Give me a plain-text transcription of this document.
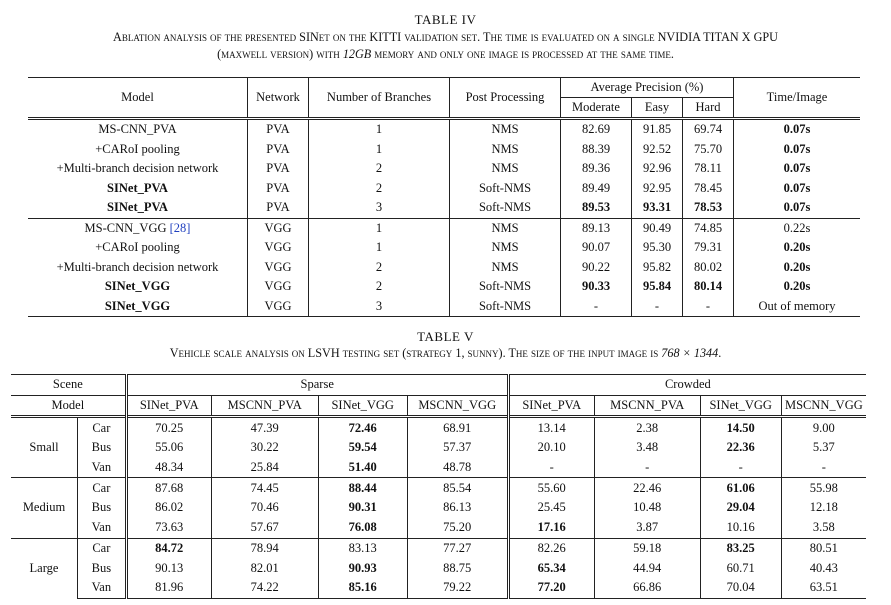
TABLE IV
Ablation analysis of the presented SINet on the KITTI validation set. The time is evaluated on a single NVIDIA TITAN X GPU
(maxwell version) with 12GB memory and only one image is processed at the same time.
Model	Network	Number of Branches	Post Processing	Average Precision (%)			Time/Image
				Moderate	Easy	Hard	
MS-CNN_PVA	PVA	1	NMS	82.69	91.85	69.74	0.07s
+CARoI pooling	PVA	1	NMS	88.39	92.52	75.70	0.07s
+Multi-branch decision network	PVA	2	NMS	89.36	92.96	78.11	0.07s
SINet_PVA	PVA	2	Soft-NMS	89.49	92.95	78.45	0.07s
SINet_PVA	PVA	3	Soft-NMS	89.53	93.31	78.53	0.07s
MS-CNN_VGG [28]	VGG	1	NMS	89.13	90.49	74.85	0.22s
+CARoI pooling	VGG	1	NMS	90.07	95.30	79.31	0.20s
+Multi-branch decision network	VGG	2	NMS	90.22	95.82	80.02	0.20s
SINet_VGG	VGG	2	Soft-NMS	90.33	95.84	80.14	0.20s
SINet_VGG	VGG	3	Soft-NMS	-	-	-	Out of memory
TABLE V
Vehicle scale analysis on LSVH testing set (strategy 1, sunny). The size of the input image is 768 × 1344.
Scene		Sparse				Crowded			
Model		SINet_PVA	MSCNN_PVA	SINet_VGG	MSCNN_VGG	SINet_PVA	MSCNN_PVA	SINet_VGG	MSCNN_VGG
Small	Car	70.25	47.39	72.46	68.91	13.14	2.38	14.50	9.00
	Bus	55.06	30.22	59.54	57.37	20.10	3.48	22.36	5.37
	Van	48.34	25.84	51.40	48.78	-	-	-	-
Medium	Car	87.68	74.45	88.44	85.54	55.60	22.46	61.06	55.98
	Bus	86.02	70.46	90.31	86.13	25.45	10.48	29.04	12.18
	Van	73.63	57.67	76.08	75.20	17.16	3.87	10.16	3.58
Large	Car	84.72	78.94	83.13	77.27	82.26	59.18	83.25	80.51
	Bus	90.13	82.01	90.93	88.75	65.34	44.94	60.71	40.43
	Van	81.96	74.22	85.16	79.22	77.20	66.86	70.04	63.51
